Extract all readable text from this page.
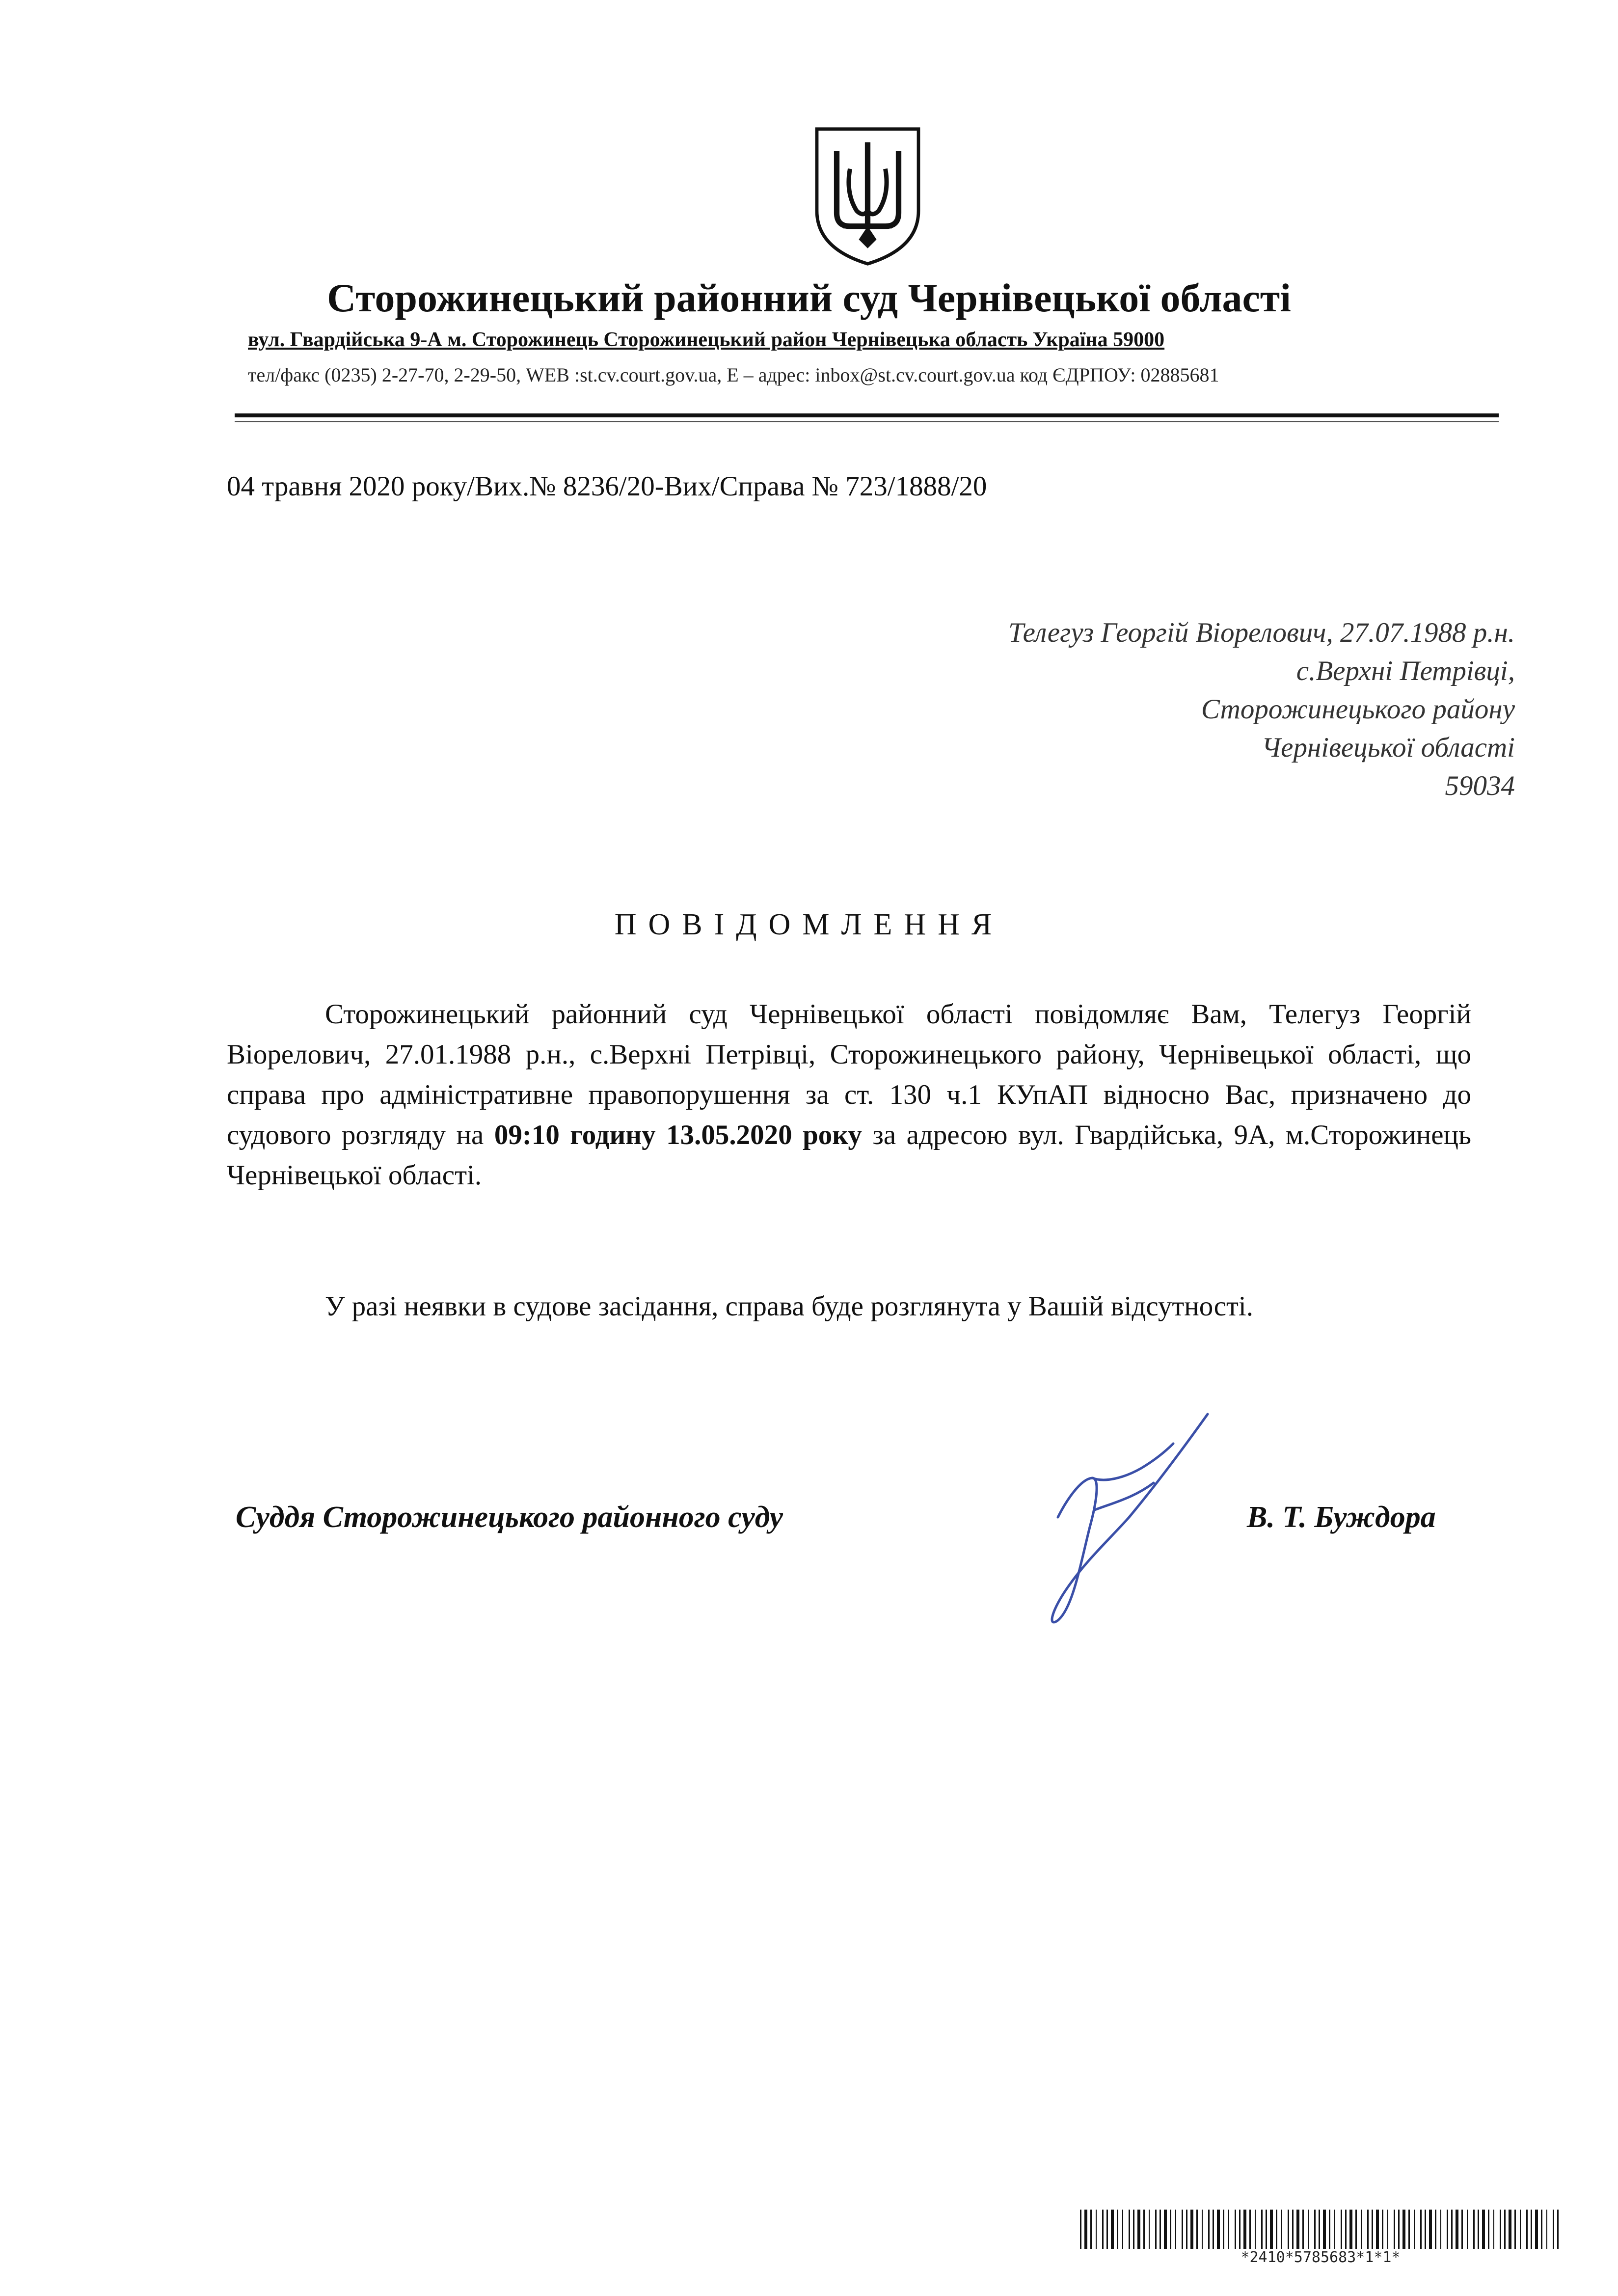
Сторожинецький районний суд Чернівецької області
вул. Гвардійська 9-А м. Сторожинець Сторожинецький район Чернівецька область Україна 59000
тел/факс (0235) 2-27-70, 2-29-50, WEB :st.cv.court.gov.ua, E – адрес: inbox@st.cv.court.gov.ua код ЄДРПОУ: 02885681
04 травня 2020 року/Вих.№ 8236/20-Вих/Справа № 723/1888/20
Телегуз Георгій Віорелович, 27.07.1988 р.н.
с.Верхні Петрівці,
Сторожинецького району
Чернівецької області
59034
ПОВІДОМЛЕННЯ
Сторожинецький районний суд Чернівецької області повідомляє Вам, Телегуз Георгій Віорелович, 27.01.1988 р.н., с.Верхні Петрівці, Сторожинецького району, Чернівецької області, що справа про адміністративне правопорушення за ст. 130 ч.1 КУпАП відносно Вас, призначено до судового розгляду на 09:10 годину 13.05.2020 року за адресою вул. Гвардійська, 9А, м.Сторожинець Чернівецької області.
У разі неявки в судове засідання, справа буде розглянута у Вашій відсутності.
Суддя Сторожинецького районного суду	В. Т. Буждора
*2410*5785683*1*1*
